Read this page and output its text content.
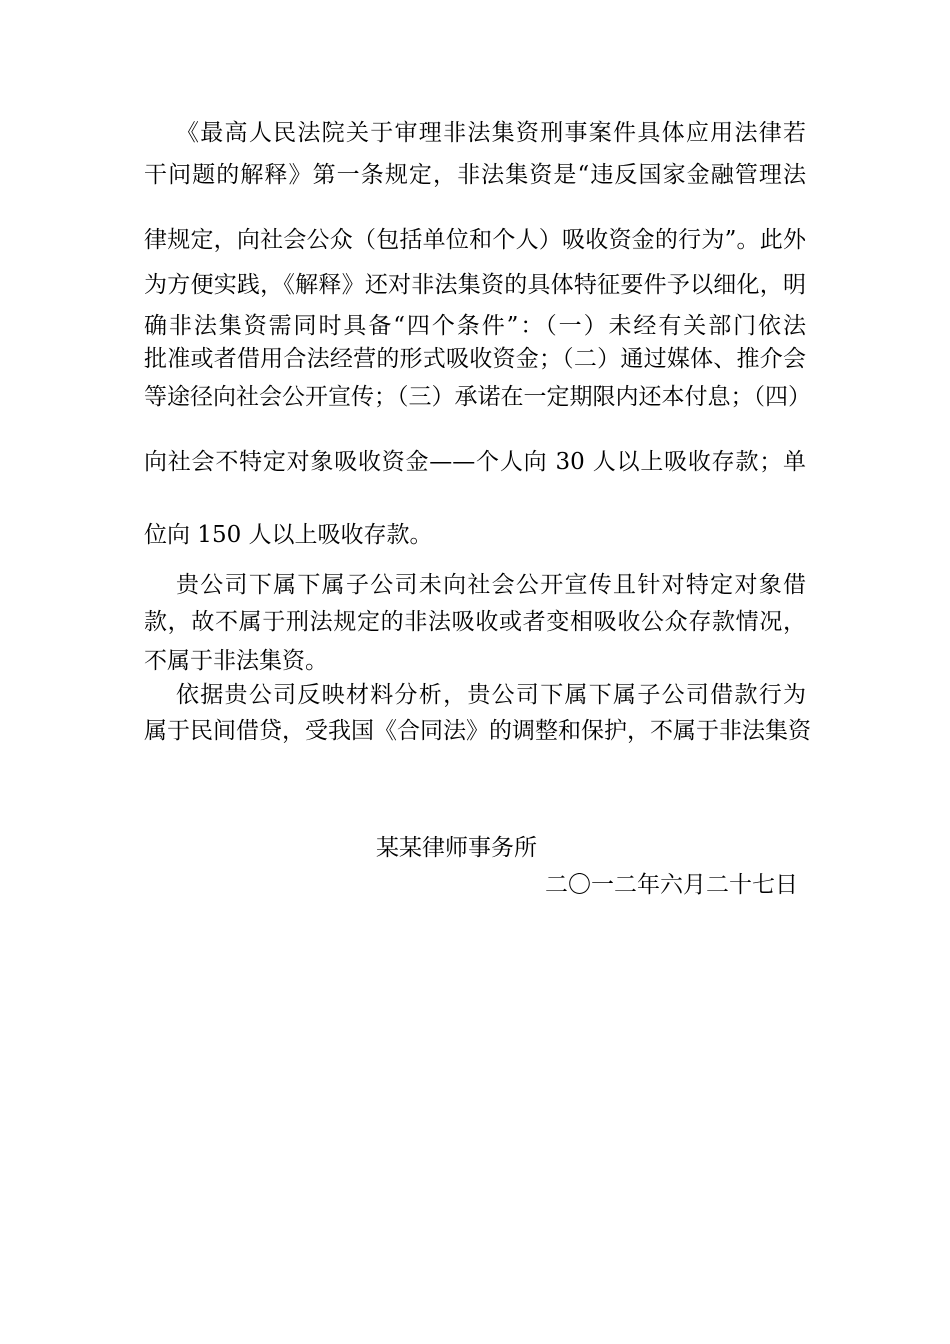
《最高人民法院关于审理非法集资刑事案件具体应用法律若
干问题的解释》第一条规定，非法集资是“违反国家金融管理法
律规定，向社会公众（包括单位和个人）吸收资金的行为”。此外
为方便实践，《解释》还对非法集资的具体特征要件予以细化，明
确非法集资需同时具备“四个条件”：（一）未经有关部门依法
批准或者借用合法经营的形式吸收资金；（二）通过媒体、推介会
等途径向社会公开宣传；（三）承诺在一定期限内还本付息；（四）
向社会不特定对象吸收资金——个人向 30 人以上吸收存款；单
位向 150 人以上吸收存款。
贵公司下属下属子公司未向社会公开宣传且针对特定对象借
款，故不属于刑法规定的非法吸收或者变相吸收公众存款情况，
不属于非法集资。
依据贵公司反映材料分析，贵公司下属下属子公司借款行为
属于民间借贷，受我国《合同法》的调整和保护，不属于非法集资
某某律师事务所
二〇一二年六月二十七日
